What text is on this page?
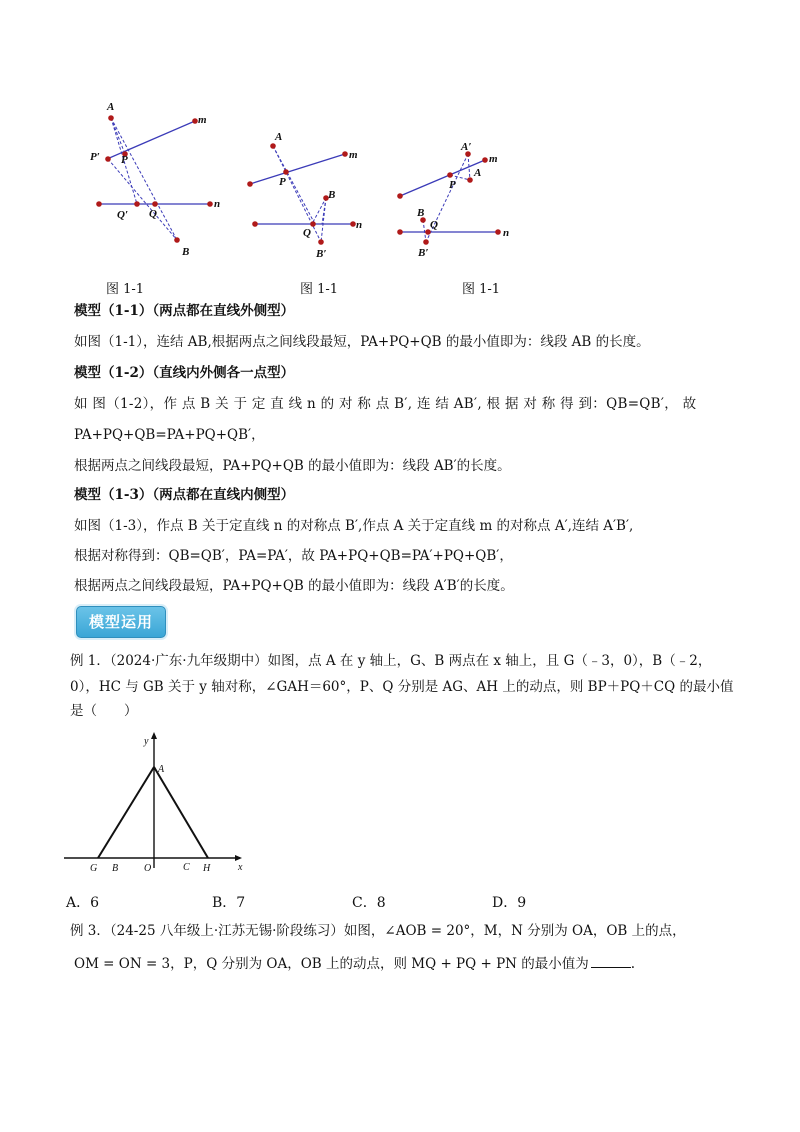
A
m
P′ P
Q′ Q
n
B
A
m
P
B
Q
n
B′
A′
m
P
A
B
Q
n
B′
图 1-1	图 1-1	图 1-1
模型（1-1）（两点都在直线外侧型）
如图（1-1），连结 AB,根据两点之间线段最短，PA+PQ+QB 的最小值即为：线段 AB 的长度。
模型（1-2）（直线内外侧各一点型）
如 图（1-2），作 点 B 关 于 定 直 线 n 的 对 称 点 B′, 连 结 AB′, 根 据 对 称 得 到：QB=QB′， 故
PA+PQ+QB=PA+PQ+QB′，
根据两点之间线段最短，PA+PQ+QB 的最小值即为：线段 AB′的长度。
模型（1-3）（两点都在直线内侧型）
如图（1-3），作点 B 关于定直线 n 的对称点 B′,作点 A 关于定直线 m 的对称点 A′,连结 A′B′,
根据对称得到：QB=QB′，PA=PA′，故 PA+PQ+QB=PA′+PQ+QB′，
根据两点之间线段最短，PA+PQ+QB 的最小值即为：线段 A′B′的长度。
模型运用
例 1．（2024·广东·九年级期中）如图，点 A 在 y 轴上，G、B 两点在 x 轴上，且 G（﹣3，0），B（﹣2，
0），HC 与 GB 关于 y 轴对称，∠GAH＝60°，P、Q 分别是 AG、AH 上的动点，则 BP＋PQ＋CQ 的最小值
是（　　）
y
A
G B	O	C H	x
A．6	B．7	C．8	D．9
例 3．（24-25 八年级上·江苏无锡·阶段练习）如图，∠AOB = 20°，M，N 分别为 OA，OB 上的点，
OM = ON = 3，P，Q 分别为 OA，OB 上的动点，则 MQ + PQ + PN 的最小值为	.
